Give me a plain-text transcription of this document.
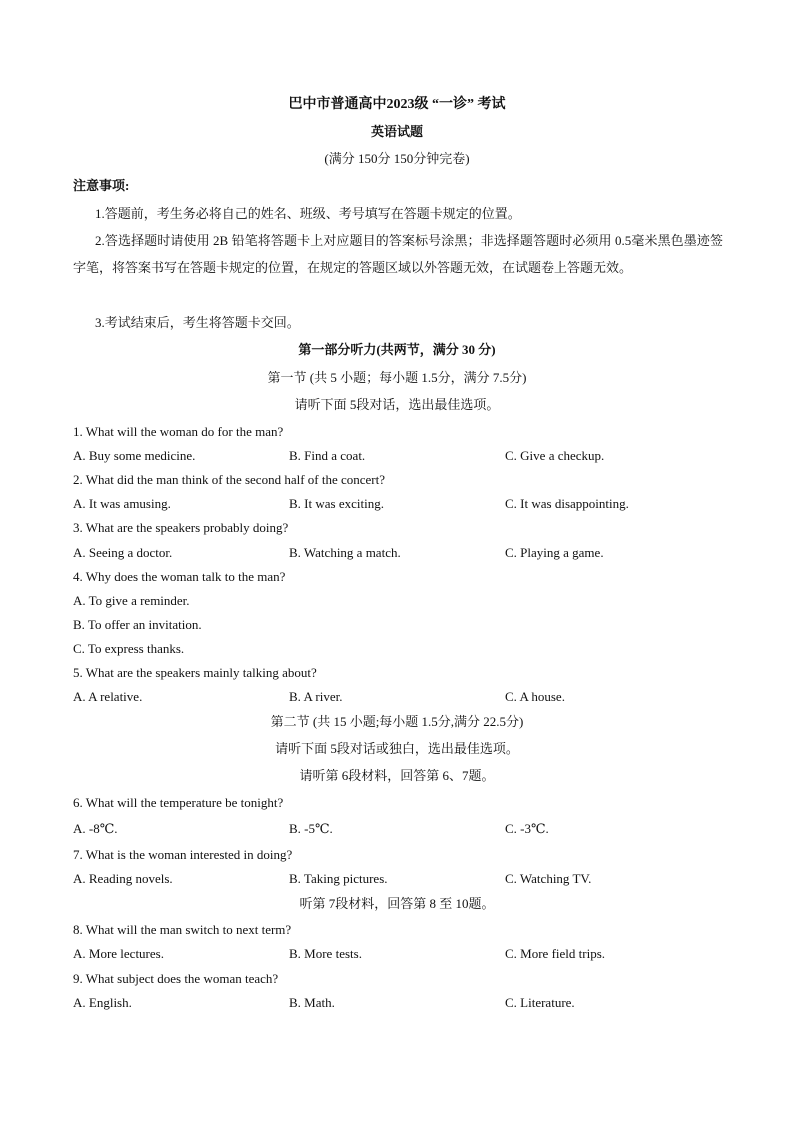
巴中市普通高中2023级 “一诊” 考试
英语试题
(满分 150分 150分钟完卷)
注意事项:
1.答题前，考生务必将自己的姓名、班级、考号填写在答题卡规定的位置。
2.答选择题时请使用 2B 铅笔将答题卡上对应题目的答案标号涂黑；非选择题答题时必须用 0.5毫米黑色墨迹签字笔，将答案书写在答题卡规定的位置，在规定的答题区域以外答题无效，在试题卷上答题无效。
3.考试结束后，考生将答题卡交回。
第一部分听力(共两节，满分 30 分)
第一节 (共 5 小题；每小题 1.5分，满分 7.5分)
请听下面 5段对话，选出最佳选项。
1. What will the woman do for the man?
A. Buy some medicine.	B. Find a coat.	C. Give a checkup.
2. What did the man think of the second half of the concert?
A. It was amusing.	B. It was exciting.	C. It was disappointing.
3. What are the speakers probably doing?
A. Seeing a doctor.	B. Watching a match.	C. Playing a game.
4. Why does the woman talk to the man?
A. To give a reminder.
B. To offer an invitation.
C. To express thanks.
5. What are the speakers mainly talking about?
A. A relative.	B. A river.	C. A house.
第二节 (共 15 小题;每小题 1.5分,满分 22.5分)
请听下面 5段对话或独白，选出最佳选项。
请听第 6段材料，回答第 6、7题。
6. What will the temperature be tonight?
A. -8℃.	B. -5℃.	C. -3℃.
7. What is the woman interested in doing?
A. Reading novels.	B. Taking pictures.	C. Watching TV.
听第 7段材料，回答第 8 至 10题。
8. What will the man switch to next term?
A. More lectures.	B. More tests.	C. More field trips.
9. What subject does the woman teach?
A. English.	B. Math.	C. Literature.
